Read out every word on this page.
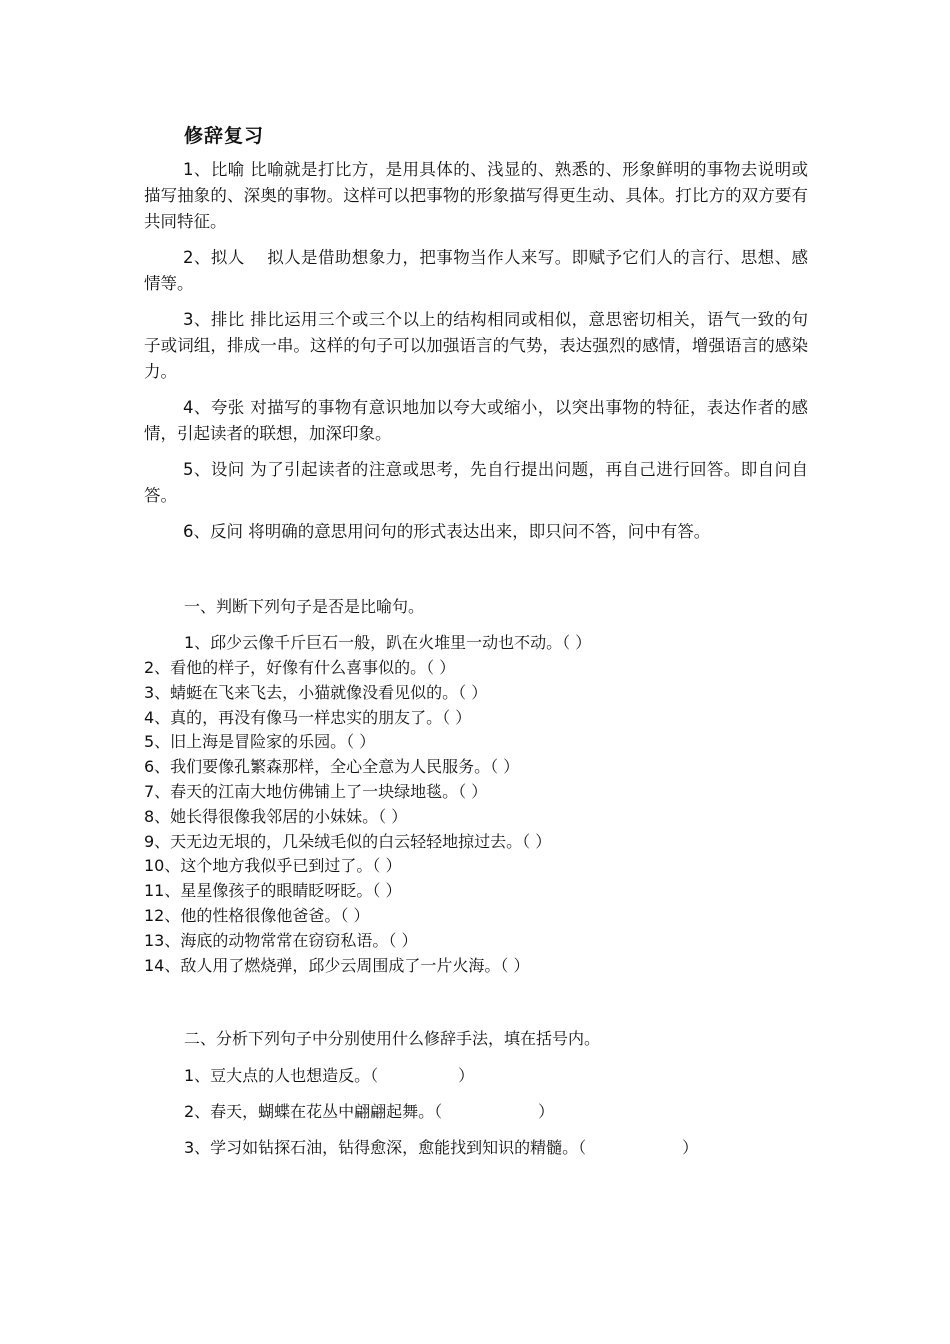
修辞复习

1、比喻 比喻就是打比方，是用具体的、浅显的、熟悉的、形象鲜明的事物去说明或描写抽象的、深奥的事物。这样可以把事物的形象描写得更生动、具体。打比方的双方要有共同特征。

2、拟人　 拟人是借助想象力，把事物当作人来写。即赋予它们人的言行、思想、感情等。

3、排比 排比运用三个或三个以上的结构相同或相似，意思密切相关，语气一致的句子或词组，排成一串。这样的句子可以加强语言的气势，表达强烈的感情，增强语言的感染力。

4、夸张 对描写的事物有意识地加以夸大或缩小，以突出事物的特征，表达作者的感情，引起读者的联想，加深印象。

5、设问 为了引起读者的注意或思考，先自行提出问题，再自己进行回答。即自问自答。

6、反问 将明确的意思用问句的形式表达出来，即只问不答，问中有答。

一、判断下列句子是否是比喻句。
1、邱少云像千斤巨石一般，趴在火堆里一动也不动。（ ）
2、看他的样子，好像有什么喜事似的。（ ）
3、蜻蜓在飞来飞去，小猫就像没看见似的。（ ）
4、真的，再没有像马一样忠实的朋友了。（ ）
5、旧上海是冒险家的乐园。（ ）
6、我们要像孔繁森那样，全心全意为人民服务。（ ）
7、春天的江南大地仿佛铺上了一块绿地毯。（ ）
8、她长得很像我邻居的小妹妹。（ ）
9、天无边无垠的，几朵绒毛似的白云轻轻地掠过去。（ ）
10、这个地方我似乎已到过了。（ ）
11、星星像孩子的眼睛眨呀眨。（ ）
12、他的性格很像他爸爸。（ ）
13、海底的动物常常在窃窃私语。（ ）
14、敌人用了燃烧弹，邱少云周围成了一片火海。（ ）
二、分析下列句子中分别使用什么修辞手法，填在括号内。
1、豆大点的人也想造反。（　　　　　）
2、春天，蝴蝶在花丛中翩翩起舞。（　　　　　　）
3、学习如钻探石油，钻得愈深，愈能找到知识的精髓。（　　　　　　）
